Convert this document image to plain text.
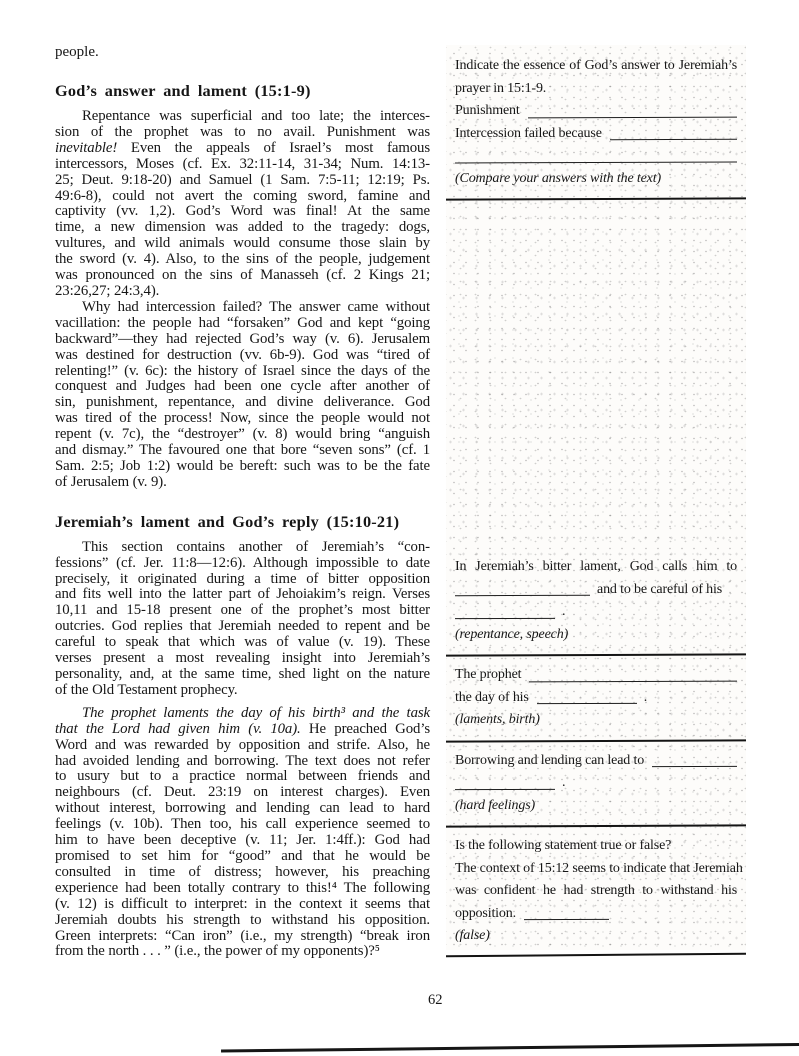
people.
God’s answer and lament (15:1-9)
Repentance was superficial and too late; the interces-
sion of the prophet was to no avail. Punishment was
inevitable! Even the appeals of Israel’s most famous
intercessors, Moses (cf. Ex. 32:11-14, 31-34; Num. 14:13-
25; Deut. 9:18-20) and Samuel (1 Sam. 7:5-11; 12:19; Ps.
49:6-8), could not avert the coming sword, famine and
captivity (vv. 1,2). God’s Word was final! At the same
time, a new dimension was added to the tragedy: dogs,
vultures, and wild animals would consume those slain by
the sword (v. 4). Also, to the sins of the people, judgement
was pronounced on the sins of Manasseh (cf. 2 Kings 21;
23:26,27; 24:3,4).
Why had intercession failed? The answer came without
vacillation: the people had “forsaken” God and kept “going
backward”—they had rejected God’s way (v. 6). Jerusalem
was destined for destruction (vv. 6b-9). God was “tired of
relenting!” (v. 6c): the history of Israel since the days of the
conquest and Judges had been one cycle after another of
sin, punishment, repentance, and divine deliverance. God
was tired of the process! Now, since the people would not
repent (v. 7c), the “destroyer” (v. 8) would bring “anguish
and dismay.” The favoured one that bore “seven sons” (cf. 1
Sam. 2:5; Job 1:2) would be bereft: such was to be the fate
of Jerusalem (v. 9).
Jeremiah’s lament and God’s reply (15:10-21)
This section contains another of Jeremiah’s “con-
fessions” (cf. Jer. 11:8—12:6). Although impossible to date
precisely, it originated during a time of bitter opposition
and fits well into the latter part of Jehoiakim’s reign. Verses
10,11 and 15-18 present one of the prophet’s most bitter
outcries. God replies that Jeremiah needed to repent and be
careful to speak that which was of value (v. 19). These
verses present a most revealing insight into Jeremiah’s
personality, and, at the same time, shed light on the nature
of the Old Testament prophecy.
The prophet laments the day of his birth³ and the task
that the Lord had given him (v. 10a). He preached God’s
Word and was rewarded by opposition and strife. Also, he
had avoided lending and borrowing. The text does not refer
to usury but to a practice normal between friends and
neighbours (cf. Deut. 23:19 on interest charges). Even
without interest, borrowing and lending can lead to hard
feelings (v. 10b). Then too, his call experience seemed to
him to have been deceptive (v. 11; Jer. 1:4ff.): God had
promised to set him for “good” and that he would be
consulted in time of distress; however, his preaching
experience had been totally contrary to this!⁴ The following
(v. 12) is difficult to interpret: in the context it seems that
Jeremiah doubts his strength to withstand his opposition.
Green interprets: “Can iron” (i.e., my strength) “break iron
from the north . . . ” (i.e., the power of my opponents)?⁵
Indicate the essence of God’s answer to Jeremiah’s
prayer in 15:1-9.
Punishment
Intercession failed because
(Compare your answers with the text)
In Jeremiah’s bitter lament, God calls him to
and to be careful of his
.
(repentance, speech)
The prophet
the day of his	.
(laments, birth)
Borrowing and lending can lead to
.
(hard feelings)
Is the following statement true or false?
The context of 15:12 seems to indicate that Jeremiah
was confident he had strength to withstand his
opposition.
(false)
62
